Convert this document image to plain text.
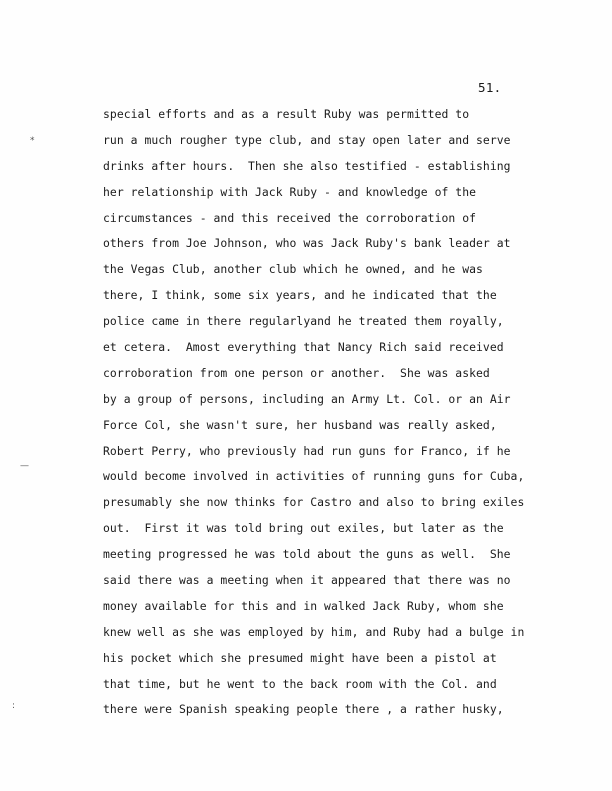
*
—
:
51.
special efforts and as a result Ruby was permitted to
run a much rougher type club, and stay open later and serve
drinks after hours.  Then she also testified - establishing
her relationship with Jack Ruby - and knowledge of the
circumstances - and this received the corroboration of
others from Joe Johnson, who was Jack Ruby's bank leader at
the Vegas Club, another club which he owned, and he was
there, I think, some six years, and he indicated that the
police came in there regularlyand he treated them royally,
et cetera.  Amost everything that Nancy Rich said received
corroboration from one person or another.  She was asked
by a group of persons, including an Army Lt. Col. or an Air
Force Col, she wasn't sure, her husband was really asked,
Robert Perry, who previously had run guns for Franco, if he
would become involved in activities of running guns for Cuba,
presumably she now thinks for Castro and also to bring exiles
out.  First it was told bring out exiles, but later as the
meeting progressed he was told about the guns as well.  She
said there was a meeting when it appeared that there was no
money available for this and in walked Jack Ruby, whom she
knew well as she was employed by him, and Ruby had a bulge in
his pocket which she presumed might have been a pistol at
that time, but he went to the back room with the Col. and
there were Spanish speaking people there , a rather husky,
